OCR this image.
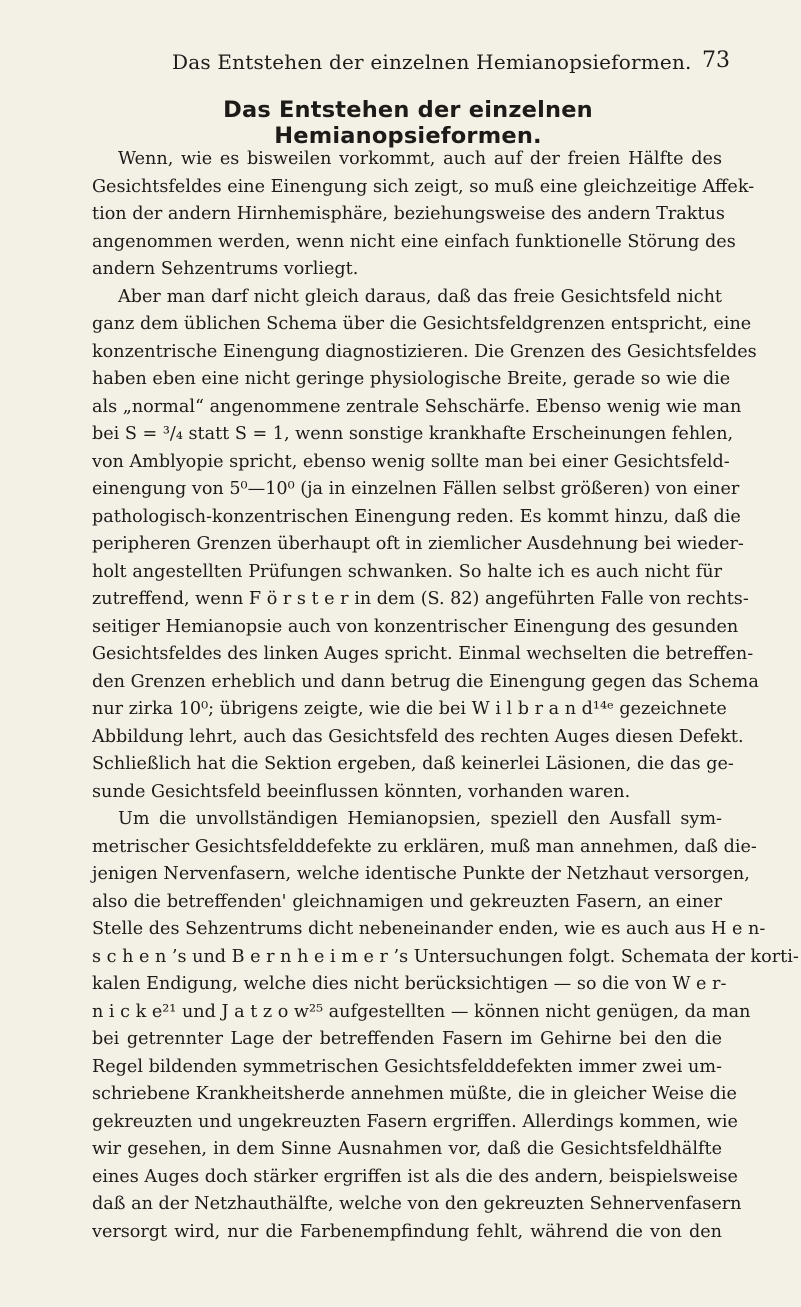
Das Entstehen der einzelnen Hemianopsieformen. 73
Das Entstehen der einzelnen Hemianopsieformen.
Wenn, wie es bisweilen vorkommt, auch auf der freien Hälfte des
Gesichtsfeldes eine Einengung sich zeigt, so muß eine gleichzeitige Affek-
tion der andern Hirnhemisphäre, beziehungsweise des andern Traktus
angenommen werden, wenn nicht eine einfach funktionelle Störung des
andern Sehzentrums vorliegt.
Aber man darf nicht gleich daraus, daß das freie Gesichtsfeld nicht
ganz dem üblichen Schema über die Gesichtsfeldgrenzen entspricht, eine
konzentrische Einengung diagnostizieren. Die Grenzen des Gesichtsfeldes
haben eben eine nicht geringe physiologische Breite, gerade so wie die
als „normal“ angenommene zentrale Sehschärfe. Ebenso wenig wie man
bei S = ³/₄ statt S = 1, wenn sonstige krankhafte Erscheinungen fehlen,
von Amblyopie spricht, ebenso wenig sollte man bei einer Gesichtsfeld-
einengung von 5⁰—10⁰ (ja in einzelnen Fällen selbst größeren) von einer
pathologisch-konzentrischen Einengung reden. Es kommt hinzu, daß die
peripheren Grenzen überhaupt oft in ziemlicher Ausdehnung bei wieder-
holt angestellten Prüfungen schwanken. So halte ich es auch nicht für
zutreffend, wenn F ö r s t e r in dem (S. 82) angeführten Falle von rechts-
seitiger Hemianopsie auch von konzentrischer Einengung des gesunden
Gesichtsfeldes des linken Auges spricht. Einmal wechselten die betreffen-
den Grenzen erheblich und dann betrug die Einengung gegen das Schema
nur zirka 10⁰; übrigens zeigte, wie die bei W i l b r a n d¹⁴ᵉ gezeichnete
Abbildung lehrt, auch das Gesichtsfeld des rechten Auges diesen Defekt.
Schließlich hat die Sektion ergeben, daß keinerlei Läsionen, die das ge-
sunde Gesichtsfeld beeinflussen könnten, vorhanden waren.
Um die unvollständigen Hemianopsien, speziell den Ausfall sym-
metrischer Gesichtsfelddefekte zu erklären, muß man annehmen, daß die-
jenigen Nervenfasern, welche identische Punkte der Netzhaut versorgen,
also die betreffenden' gleichnamigen und gekreuzten Fasern, an einer
Stelle des Sehzentrums dicht nebeneinander enden, wie es auch aus H e n-
s c h e n ’s und B e r n h e i m e r ’s Untersuchungen folgt. Schemata der korti-
kalen Endigung, welche dies nicht berücksichtigen — so die von W e r-
n i c k e²¹ und J a t z o w²⁵ aufgestellten — können nicht genügen, da man
bei getrennter Lage der betreffenden Fasern im Gehirne bei den die
Regel bildenden symmetrischen Gesichtsfelddefekten immer zwei um-
schriebene Krankheitsherde annehmen müßte, die in gleicher Weise die
gekreuzten und ungekreuzten Fasern ergriffen. Allerdings kommen, wie
wir gesehen, in dem Sinne Ausnahmen vor, daß die Gesichtsfeldhälfte
eines Auges doch stärker ergriffen ist als die des andern, beispielsweise
daß an der Netzhauthälfte, welche von den gekreuzten Sehnervenfasern
versorgt wird, nur die Farbenempfindung fehlt, während die von den
